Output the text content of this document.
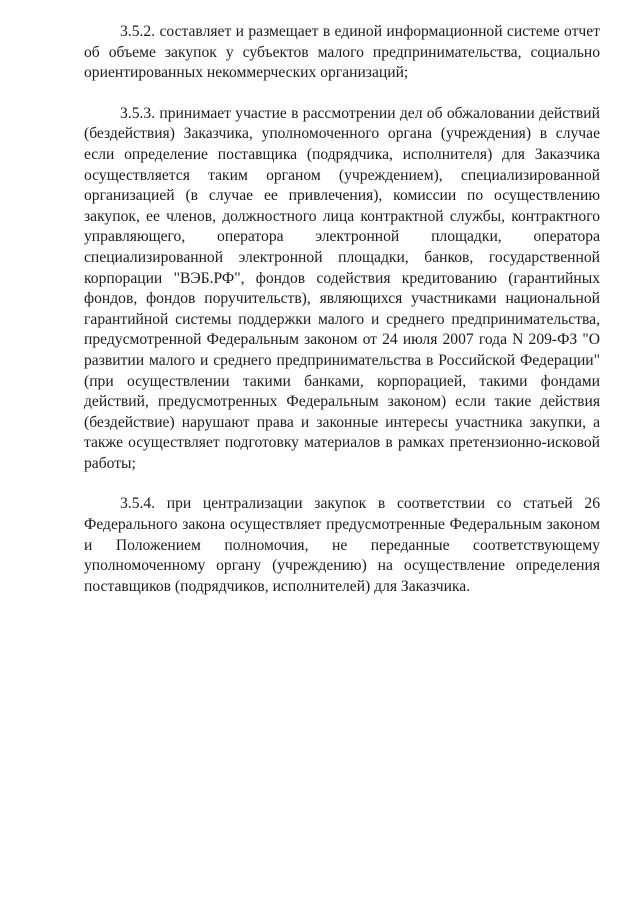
3.5.2. составляет и размещает в единой информационной системе отчет об объеме закупок у субъектов малого предпринимательства, социально ориентированных некоммерческих организаций;

3.5.3. принимает участие в рассмотрении дел об обжаловании действий (бездействия) Заказчика, уполномоченного органа (учреждения) в случае если определение поставщика (подрядчика, исполнителя) для Заказчика осуществляется таким органом (учреждением), специализированной организацией (в случае ее привлечения), комиссии по осуществлению закупок, ее членов, должностного лица контрактной службы, контрактного управляющего, оператора электронной площадки, оператора специализированной электронной площадки, банков, государственной корпорации "ВЭБ.РФ", фондов содействия кредитованию (гарантийных фондов, фондов поручительств), являющихся участниками национальной гарантийной системы поддержки малого и среднего предпринимательства, предусмотренной Федеральным законом от 24 июля 2007 года N 209-ФЗ "О развитии малого и среднего предпринимательства в Российской Федерации" (при осуществлении такими банками, корпорацией, такими фондами действий, предусмотренных Федеральным законом) если такие действия (бездействие) нарушают права и законные интересы участника закупки, а также осуществляет подготовку материалов в рамках претензионно-исковой работы;

3.5.4. при централизации закупок в соответствии со статьей 26 Федерального закона осуществляет предусмотренные Федеральным законом и Положением полномочия, не переданные соответствующему уполномоченному органу (учреждению) на осуществление определения поставщиков (подрядчиков, исполнителей) для Заказчика.
